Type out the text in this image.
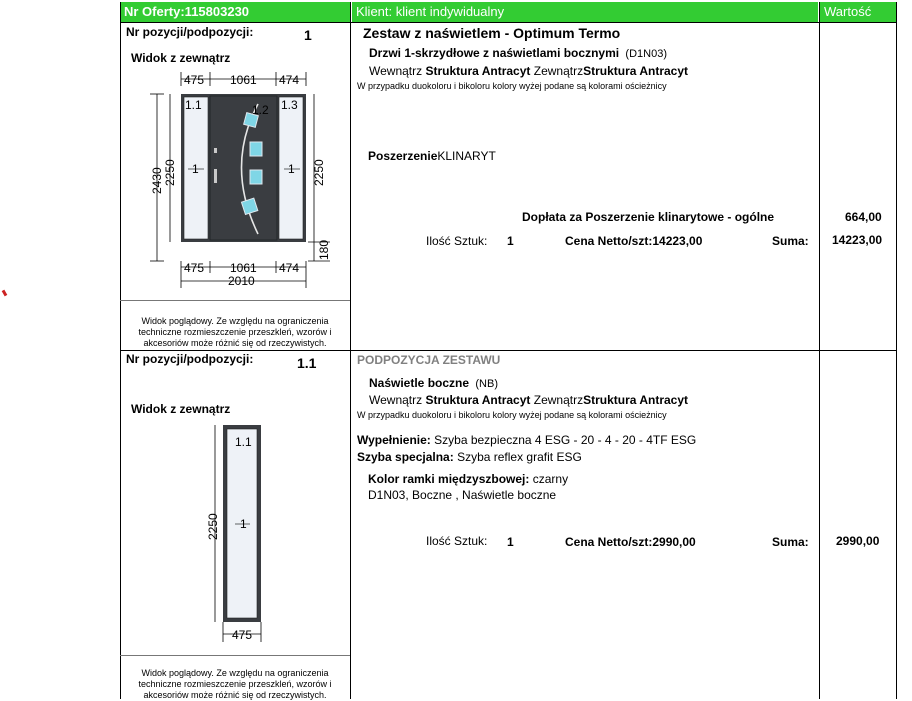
Nr Oferty:115803230	Klient: klient indywidualny	Wartość
Nr pozycji/podpozycji:	1
Widok z zewnątrz
475 1061 474
2430 2250
1.1	1.2 1.3
1	1 2250
180
475 1061 474
2010
Widok poglądowy. Ze względu na ograniczenia techniczne rozmieszczenie przeszkleń, wzorów i akcesoriów może różnić się od rzeczywistych.
Zestaw z naświetlem - Optimum Termo
Drzwi 1-skrzydłowe z naświetlami bocznymi (D1N03)
Wewnątrz Struktura Antracyt ZewnątrzStruktura Antracyt
W przypadku duokoloru i bikoloru kolory wyżej podane są kolorami ościeżnicy
PoszerzenieKLINARYT
Dopłata za Poszerzenie klinarytowe - ogólne	664,00
Ilość Sztuk: 1	Cena Netto/szt:14223,00	Suma: 14223,00
Nr pozycji/podpozycji:	1.1
Widok z zewnątrz
2250
1.1
1
475
Widok poglądowy. Ze względu na ograniczenia techniczne rozmieszczenie przeszkleń, wzorów i akcesoriów może różnić się od rzeczywistych.
PODPOZYCJA ZESTAWU
Naświetle boczne (NB)
Wewnątrz Struktura Antracyt ZewnątrzStruktura Antracyt
W przypadku duokoloru i bikoloru kolory wyżej podane są kolorami ościeżnicy
Wypełnienie: Szyba bezpieczna 4 ESG - 20 - 4 - 20 - 4TF ESG
Szyba specjalna: Szyba reflex grafit ESG
Kolor ramki międzyszbowej: czarny
D1N03, Boczne , Naświetle boczne
Ilość Sztuk: 1	Cena Netto/szt:2990,00	Suma: 2990,00
